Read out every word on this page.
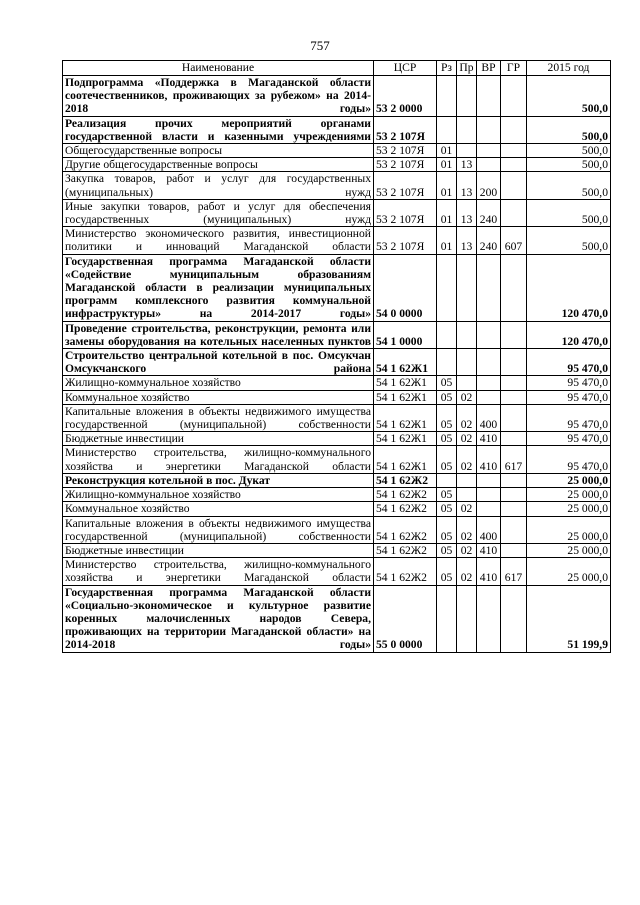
757
Наименование	ЦСР	Рз	Пр	ВР	ГР	2015 год
Подпрограмма «Поддержка в Магаданской области соотечественников, проживающих за рубежом» на 2014-2018 годы»	53 2 0000					500,0
Реализация прочих мероприятий органами государственной власти и казенными учреждениями	53 2 107Я					500,0
Общегосударственные вопросы	53 2 107Я	01				500,0
Другие общегосударственные вопросы	53 2 107Я	01	13			500,0
Закупка товаров, работ и услуг для государственных (муниципальных) нужд	53 2 107Я	01	13	200		500,0
Иные закупки товаров, работ и услуг для обеспечения государственных (муниципальных) нужд	53 2 107Я	01	13	240		500,0
Министерство экономического развития, инвестиционной политики и инноваций Магаданской области	53 2 107Я	01	13	240	607	500,0
Государственная программа Магаданской области «Содействие муниципальным образованиям Магаданской области в реализации муниципальных программ комплексного развития коммунальной инфраструктуры» на 2014-2017 годы»	54 0 0000					120 470,0
Проведение строительства, реконструкции, ремонта или замены оборудования на котельных населенных пунктов	54 1 0000					120 470,0
Строительство центральной котельной в пос. Омсукчан Омсукчанского района	54 1 62Ж1					95 470,0
Жилищно-коммунальное хозяйство	54 1 62Ж1	05				95 470,0
Коммунальное хозяйство	54 1 62Ж1	05	02			95 470,0
Капитальные вложения в объекты недвижимого имущества государственной (муниципальной) собственности	54 1 62Ж1	05	02	400		95 470,0
Бюджетные инвестиции	54 1 62Ж1	05	02	410		95 470,0
Министерство строительства, жилищно-коммунального хозяйства и энергетики Магаданской области	54 1 62Ж1	05	02	410	617	95 470,0
Реконструкция котельной в пос. Дукат	54 1 62Ж2					25 000,0
Жилищно-коммунальное хозяйство	54 1 62Ж2	05				25 000,0
Коммунальное хозяйство	54 1 62Ж2	05	02			25 000,0
Капитальные вложения в объекты недвижимого имущества государственной (муниципальной) собственности	54 1 62Ж2	05	02	400		25 000,0
Бюджетные инвестиции	54 1 62Ж2	05	02	410		25 000,0
Министерство строительства, жилищно-коммунального хозяйства и энергетики Магаданской области	54 1 62Ж2	05	02	410	617	25 000,0
Государственная программа Магаданской области «Социально-экономическое и культурное развитие коренных малочисленных народов Севера, проживающих на территории Магаданской области» на 2014-2018 годы»	55 0 0000					51 199,9
